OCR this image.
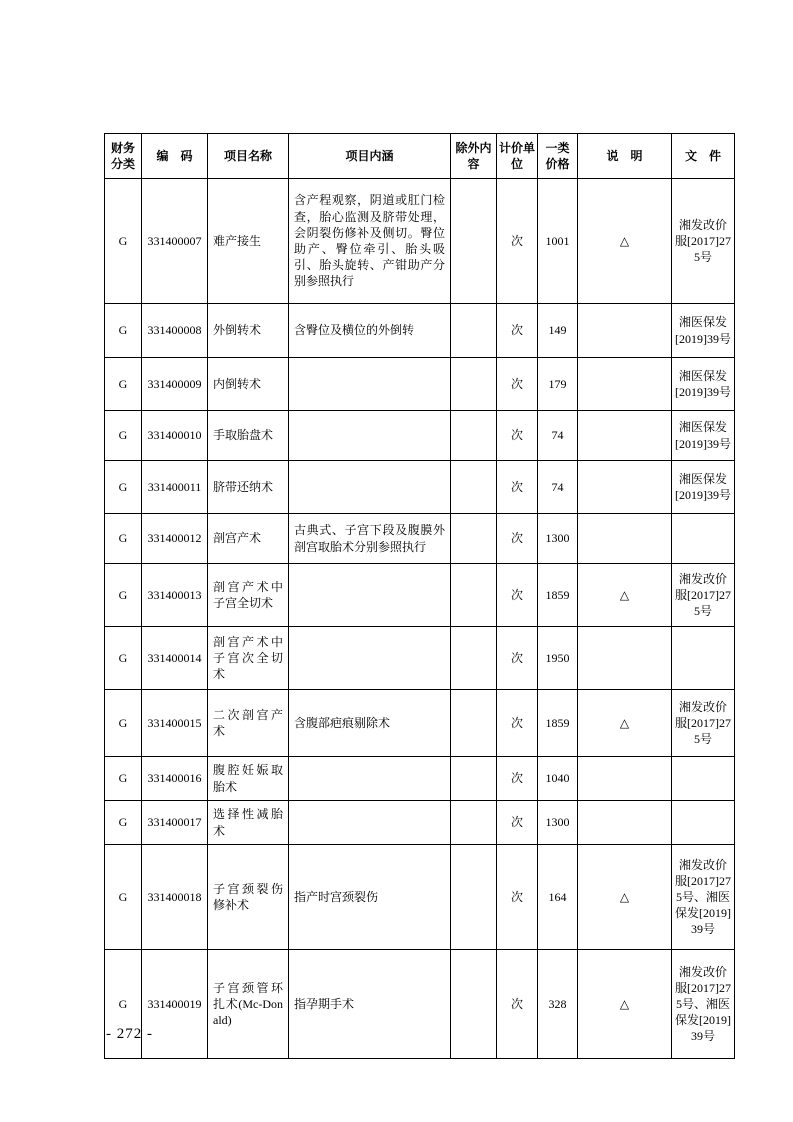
财务分类	编　码	项目名称	项目内涵	除外内容	计价单位	一类价格	说　明	文　件
G	331400007	难产接生	含产程观察，阴道或肛门检查，胎心监测及脐带处理，会阴裂伤修补及侧切。臀位助产、臀位牵引、胎头吸引、胎头旋转、产钳助产分别参照执行		次	1001	△	湘发改价服[2017]275号
G	331400008	外倒转术	含臀位及横位的外倒转		次	149		湘医保发[2019]39号
G	331400009	内倒转术			次	179		湘医保发[2019]39号
G	331400010	手取胎盘术			次	74		湘医保发[2019]39号
G	331400011	脐带还纳术			次	74		湘医保发[2019]39号
G	331400012	剖宫产术	古典式、子宫下段及腹膜外剖宫取胎术分别参照执行		次	1300		
G	331400013	剖宫产术中子宫全切术			次	1859	△	湘发改价服[2017]275号
G	331400014	剖宫产术中子宫次全切术			次	1950		
G	331400015	二次剖宫产术	含腹部疤痕剔除术		次	1859	△	湘发改价服[2017]275号
G	331400016	腹腔妊娠取胎术			次	1040		
G	331400017	选择性减胎术			次	1300		
G	331400018	子宫颈裂伤修补术	指产时宫颈裂伤		次	164	△	湘发改价服[2017]275号、湘医保发[2019]39号
G	331400019	子宫颈管环扎术(Mc-Donald)	指孕期手术		次	328	△	湘发改价服[2017]275号、湘医保发[2019]39号
- 272 -
